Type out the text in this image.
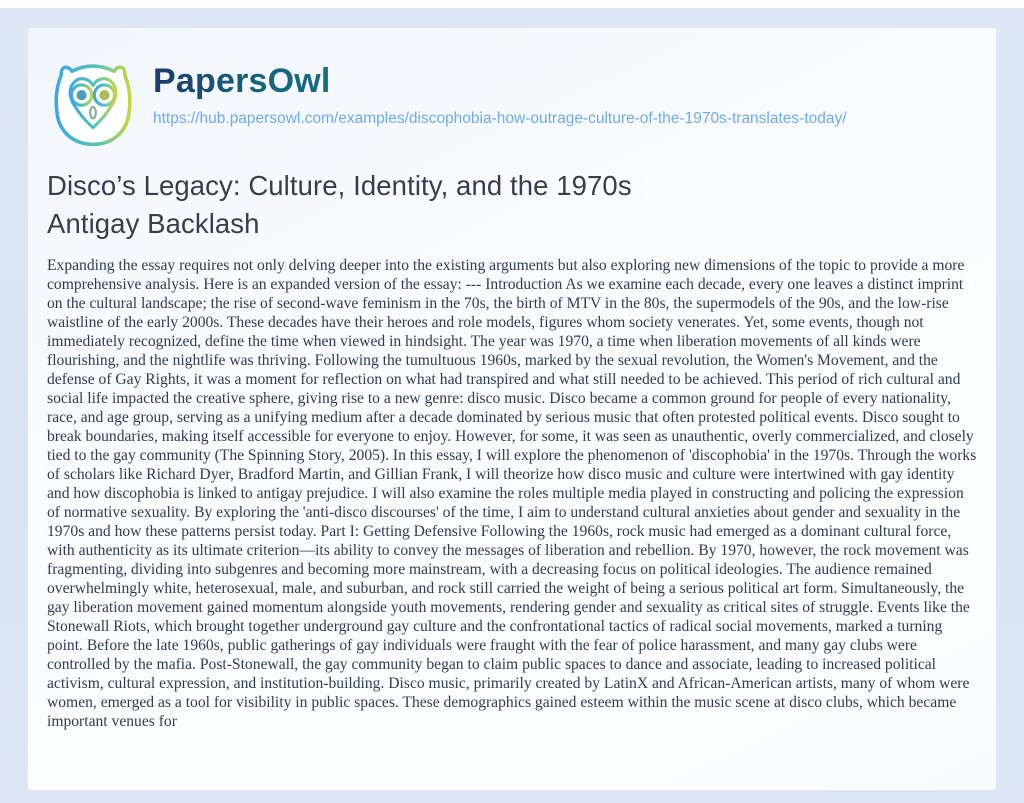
PapersOwl
https://hub.papersowl.com/examples/discophobia-how-outrage-culture-of-the-1970s-translates-today/
Disco’s Legacy: Culture, Identity, and the 1970s Antigay Backlash
Expanding the essay requires not only delving deeper into the existing arguments but also exploring new dimensions of the topic to provide a more comprehensive analysis. Here is an expanded version of the essay: --- Introduction As we examine each decade, every one leaves a distinct imprint on the cultural landscape; the rise of second-wave feminism in the 70s, the birth of MTV in the 80s, the supermodels of the 90s, and the low-rise waistline of the early 2000s. These decades have their heroes and role models, figures whom society venerates. Yet, some events, though not immediately recognized, define the time when viewed in hindsight. The year was 1970, a time when liberation movements of all kinds were flourishing, and the nightlife was thriving. Following the tumultuous 1960s, marked by the sexual revolution, the Women's Movement, and the defense of Gay Rights, it was a moment for reflection on what had transpired and what still needed to be achieved. This period of rich cultural and social life impacted the creative sphere, giving rise to a new genre: disco music. Disco became a common ground for people of every nationality, race, and age group, serving as a unifying medium after a decade dominated by serious music that often protested political events. Disco sought to break boundaries, making itself accessible for everyone to enjoy. However, for some, it was seen as unauthentic, overly commercialized, and closely tied to the gay community (The Spinning Story, 2005). In this essay, I will explore the phenomenon of 'discophobia' in the 1970s. Through the works of scholars like Richard Dyer, Bradford Martin, and Gillian Frank, I will theorize how disco music and culture were intertwined with gay identity and how discophobia is linked to antigay prejudice. I will also examine the roles multiple media played in constructing and policing the expression of normative sexuality. By exploring the 'anti-disco discourses' of the time, I aim to understand cultural anxieties about gender and sexuality in the 1970s and how these patterns persist today. Part I: Getting Defensive Following the 1960s, rock music had emerged as a dominant cultural force, with authenticity as its ultimate criterion—its ability to convey the messages of liberation and rebellion. By 1970, however, the rock movement was fragmenting, dividing into subgenres and becoming more mainstream, with a decreasing focus on political ideologies. The audience remained overwhelmingly white, heterosexual, male, and suburban, and rock still carried the weight of being a serious political art form. Simultaneously, the gay liberation movement gained momentum alongside youth movements, rendering gender and sexuality as critical sites of struggle. Events like the Stonewall Riots, which brought together underground gay culture and the confrontational tactics of radical social movements, marked a turning point. Before the late 1960s, public gatherings of gay individuals were fraught with the fear of police harassment, and many gay clubs were controlled by the mafia. Post-Stonewall, the gay community began to claim public spaces to dance and associate, leading to increased political activism, cultural expression, and institution-building. Disco music, primarily created by LatinX and African-American artists, many of whom were women, emerged as a tool for visibility in public spaces. These demographics gained esteem within the music scene at disco clubs, which became important venues for
